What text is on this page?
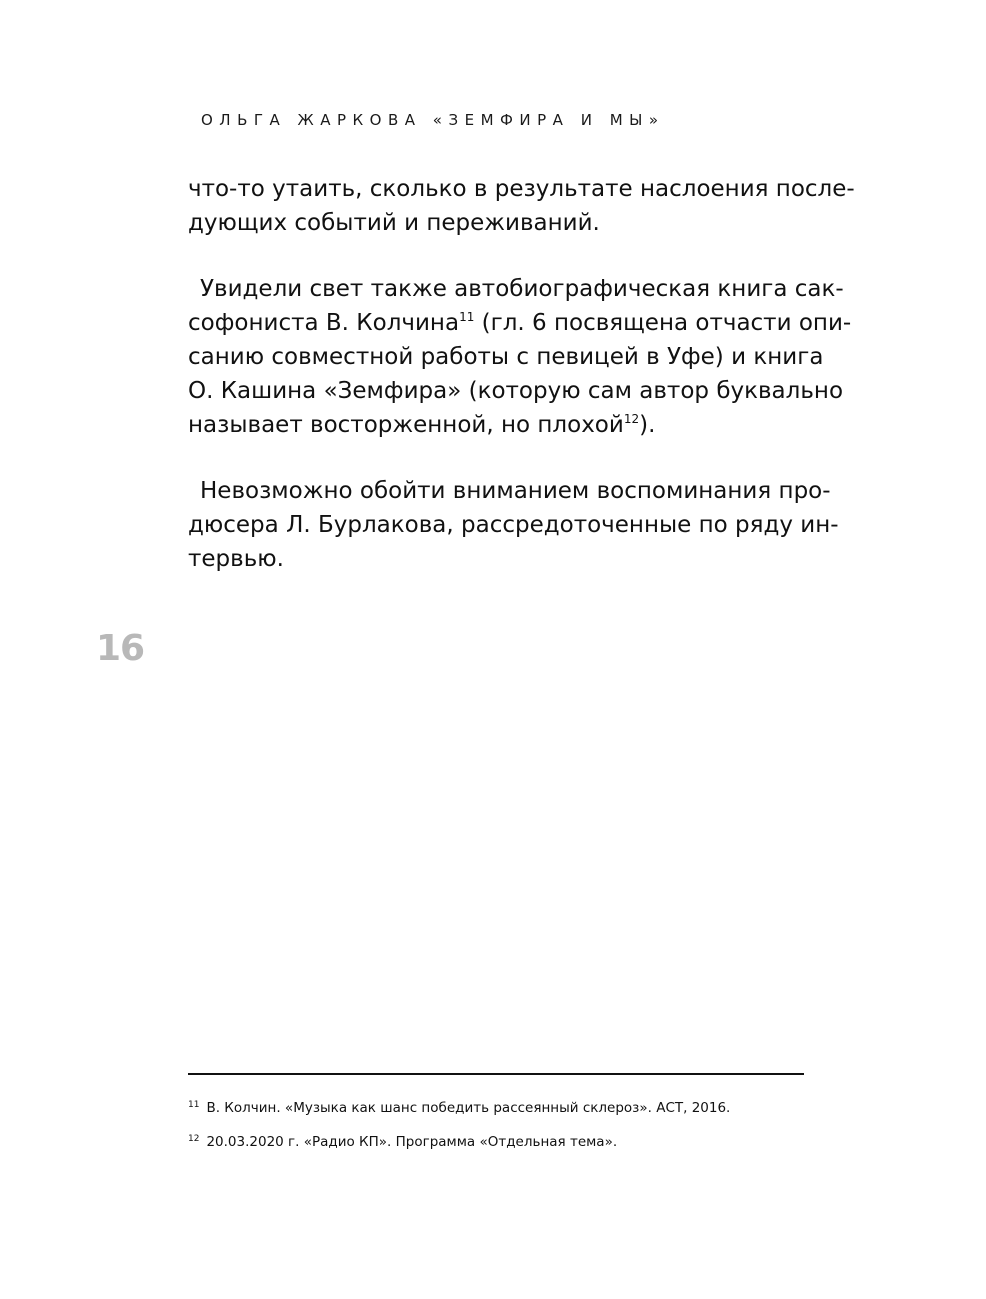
ОЛЬГА ЖАРКОВА «ЗЕМФИРА И МЫ»
что-то утаить, сколько в результате наслоения после-
дующих событий и переживаний.
Увидели свет также автобиографическая книга сак-
софониста В. Колчина$^{11}$ (гл. 6 посвящена отчасти опи-
санию совместной работы с певицей в Уфе) и книга
О. Кашина «Земфира» (которую сам автор буквально
называет восторженной, но плохой$^{12}$).
Невозможно обойти вниманием воспоминания про-
дюсера Л. Бурлакова, рассредоточенные по ряду ин-
тервью.
16
$^{11}$ В. Колчин. «Музыка как шанс победить рассеянный склероз». АСТ, 2016.
$^{12}$ 20.03.2020 г. «Радио КП». Программа «Отдельная тема».
